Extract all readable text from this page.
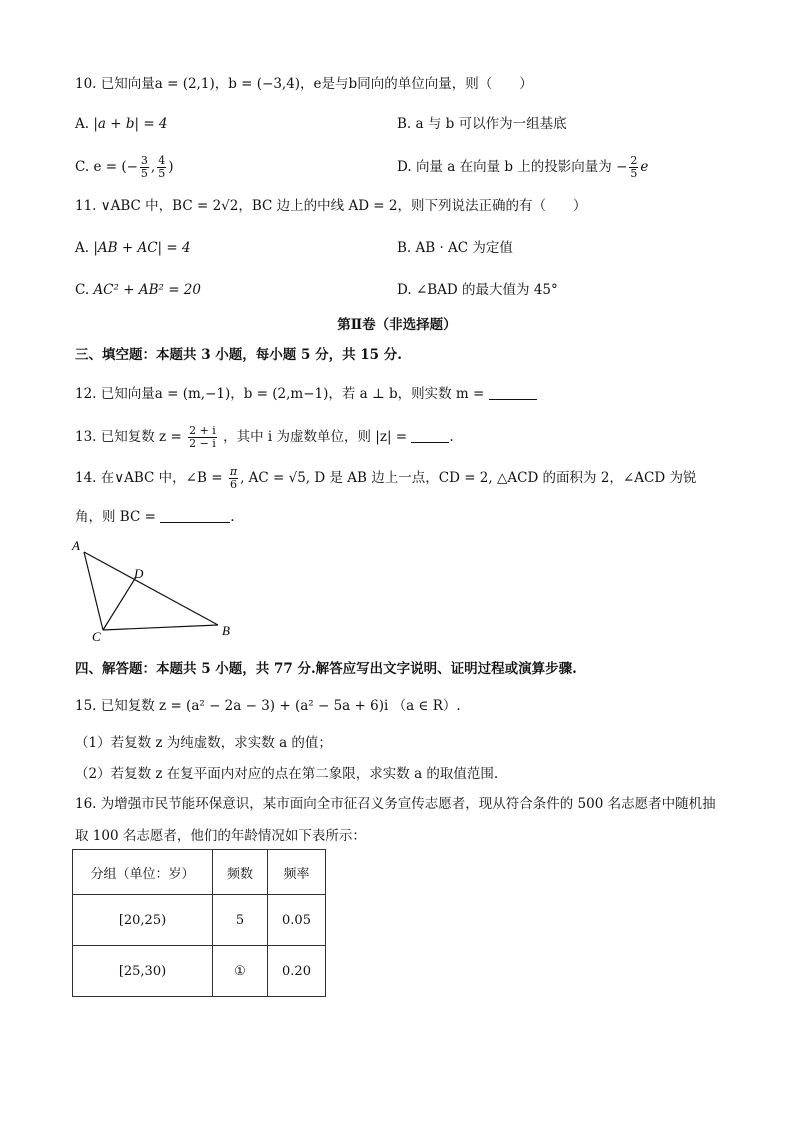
10. 已知向量a = (2,1)，b = (−3,4)，e是与b同向的单位向量，则（　　）
A. |a + b| = 4	B. a 与 b 可以作为一组基底
C. e = (− $\frac{3}{5}$ , $\frac{4}{5}$ )	D. 向量 a 在向量 b 上的投影向量为 − $\frac{2}{5}$ e
11. ∨ABC 中，BC = 2√2，BC 边上的中线 AD = 2，则下列说法正确的有（　　）
A. |AB + AC| = 4	B. AB · AC 为定值
C. AC² + AB² = 20	D. ∠BAD 的最大值为 45°
第Ⅱ卷（非选择题）
三、填空题：本题共 3 小题，每小题 5 分，共 15 分.
12. 已知向量a = (m,−1)，b = (2,m−1)，若 a ⊥ b，则实数 m =
13. 已知复数 $z = \frac{2 + i}{2 - i}$ ，其中 i 为虚数单位，则 |z| =	.
14. 在∨ABC 中，∠B = $\frac{\pi}{6}$ , AC = √5, D 是 AB 边上一点，CD = 2, △ACD 的面积为 2，∠ACD 为锐
角，则 BC =	.
A
D
C	B
四、解答题：本题共 5 小题，共 77 分.解答应写出文字说明、证明过程或演算步骤.
15. 已知复数 z = (a² − 2a − 3) + (a² − 5a + 6)i （a ∈ R）.
（1）若复数 z 为纯虚数，求实数 a 的值；
（2）若复数 z 在复平面内对应的点在第二象限，求实数 a 的取值范围.
16. 为增强市民节能环保意识，某市面向全市征召义务宣传志愿者，现从符合条件的 500 名志愿者中随机抽
取 100 名志愿者，他们的年龄情况如下表所示：
分组（单位：岁）	频数	频率
[20,25)	5	0.05
[25,30)	①	0.20
